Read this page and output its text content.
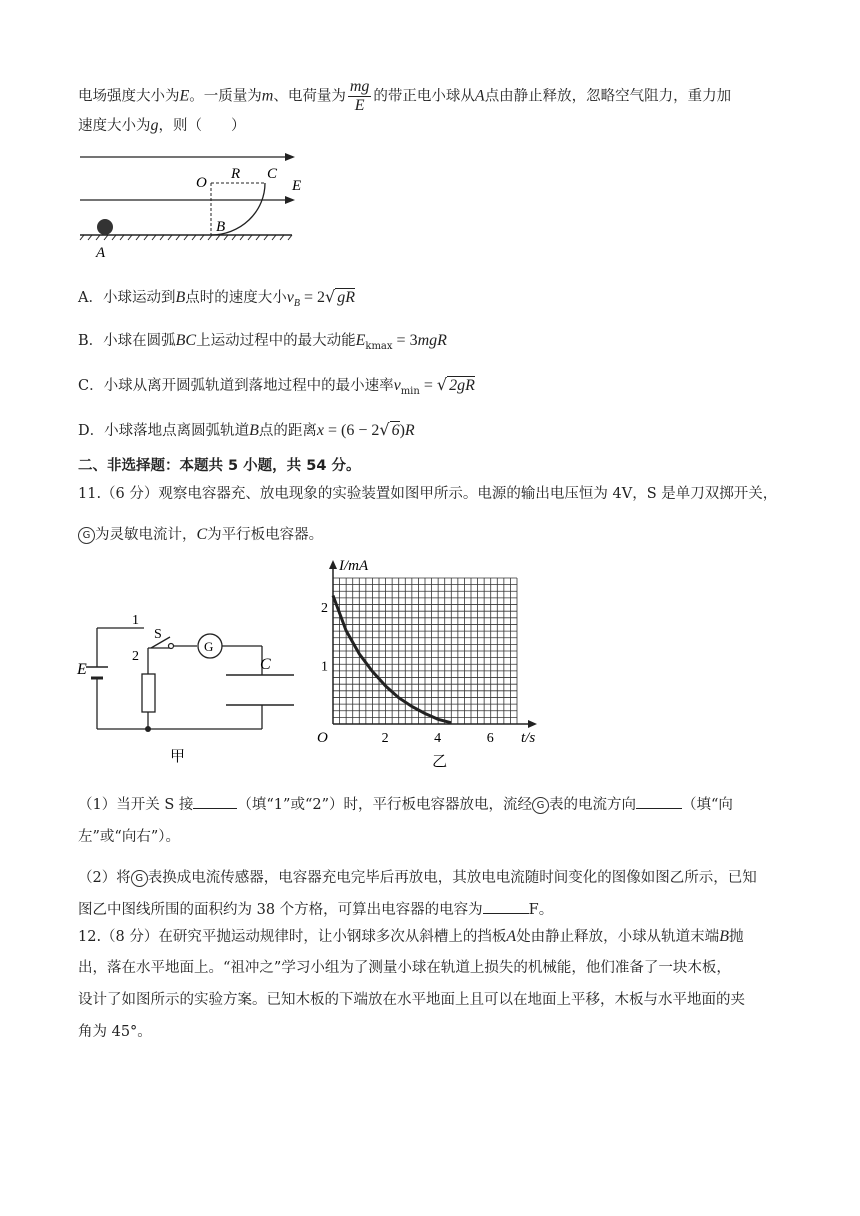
电场强度大小为E。一质量为m、电荷量为 $\frac{mg}{E}$ 的带正电小球从A点由静止释放，忽略空气阻力，重力加
速度大小为g，则（　　）
O
R C
E
B
A
A．小球运动到B点时的速度大小$v_B = 2√$ gR
B．小球在圆弧BC上运动过程中的最大动能$E_{kmax} = 3mgR$
C．小球从离开圆弧轨道到落地过程中的最小速率$v_{min}$ = √ 2gR
D．小球落地点离圆弧轨道B点的距离x = (6 − 2√ 6)R
二、非选择题：本题共 5 小题，共 54 分。
11.（6 分）观察电容器充、放电现象的实验装置如图甲所示。电源的输出电压恒为 4V，S 是单刀双掷开关，
G 为灵敏电流计，C为平行板电容器。
1
2
S
G
E	C
甲
2	4	6
1
2
I/mA
t/s
O
乙
（1）当开关 S 接	（填“1”或“2”）时，平行板电容器放电，流经 G 表的电流方向	（填“向
左”或“向右”）。
（2）将 G 表换成电流传感器，电容器充电完毕后再放电，其放电电流随时间变化的图像如图乙所示，已知
图乙中图线所围的面积约为 38 个方格，可算出电容器的电容为	F。
12.（8 分）在研究平抛运动规律时，让小钢球多次从斜槽上的挡板A处由静止释放，小球从轨道末端B抛
出，落在水平地面上。“祖冲之”学习小组为了测量小球在轨道上损失的机械能，他们准备了一块木板，
设计了如图所示的实验方案。已知木板的下端放在水平地面上且可以在地面上平移，木板与水平地面的夹
角为 45°。
